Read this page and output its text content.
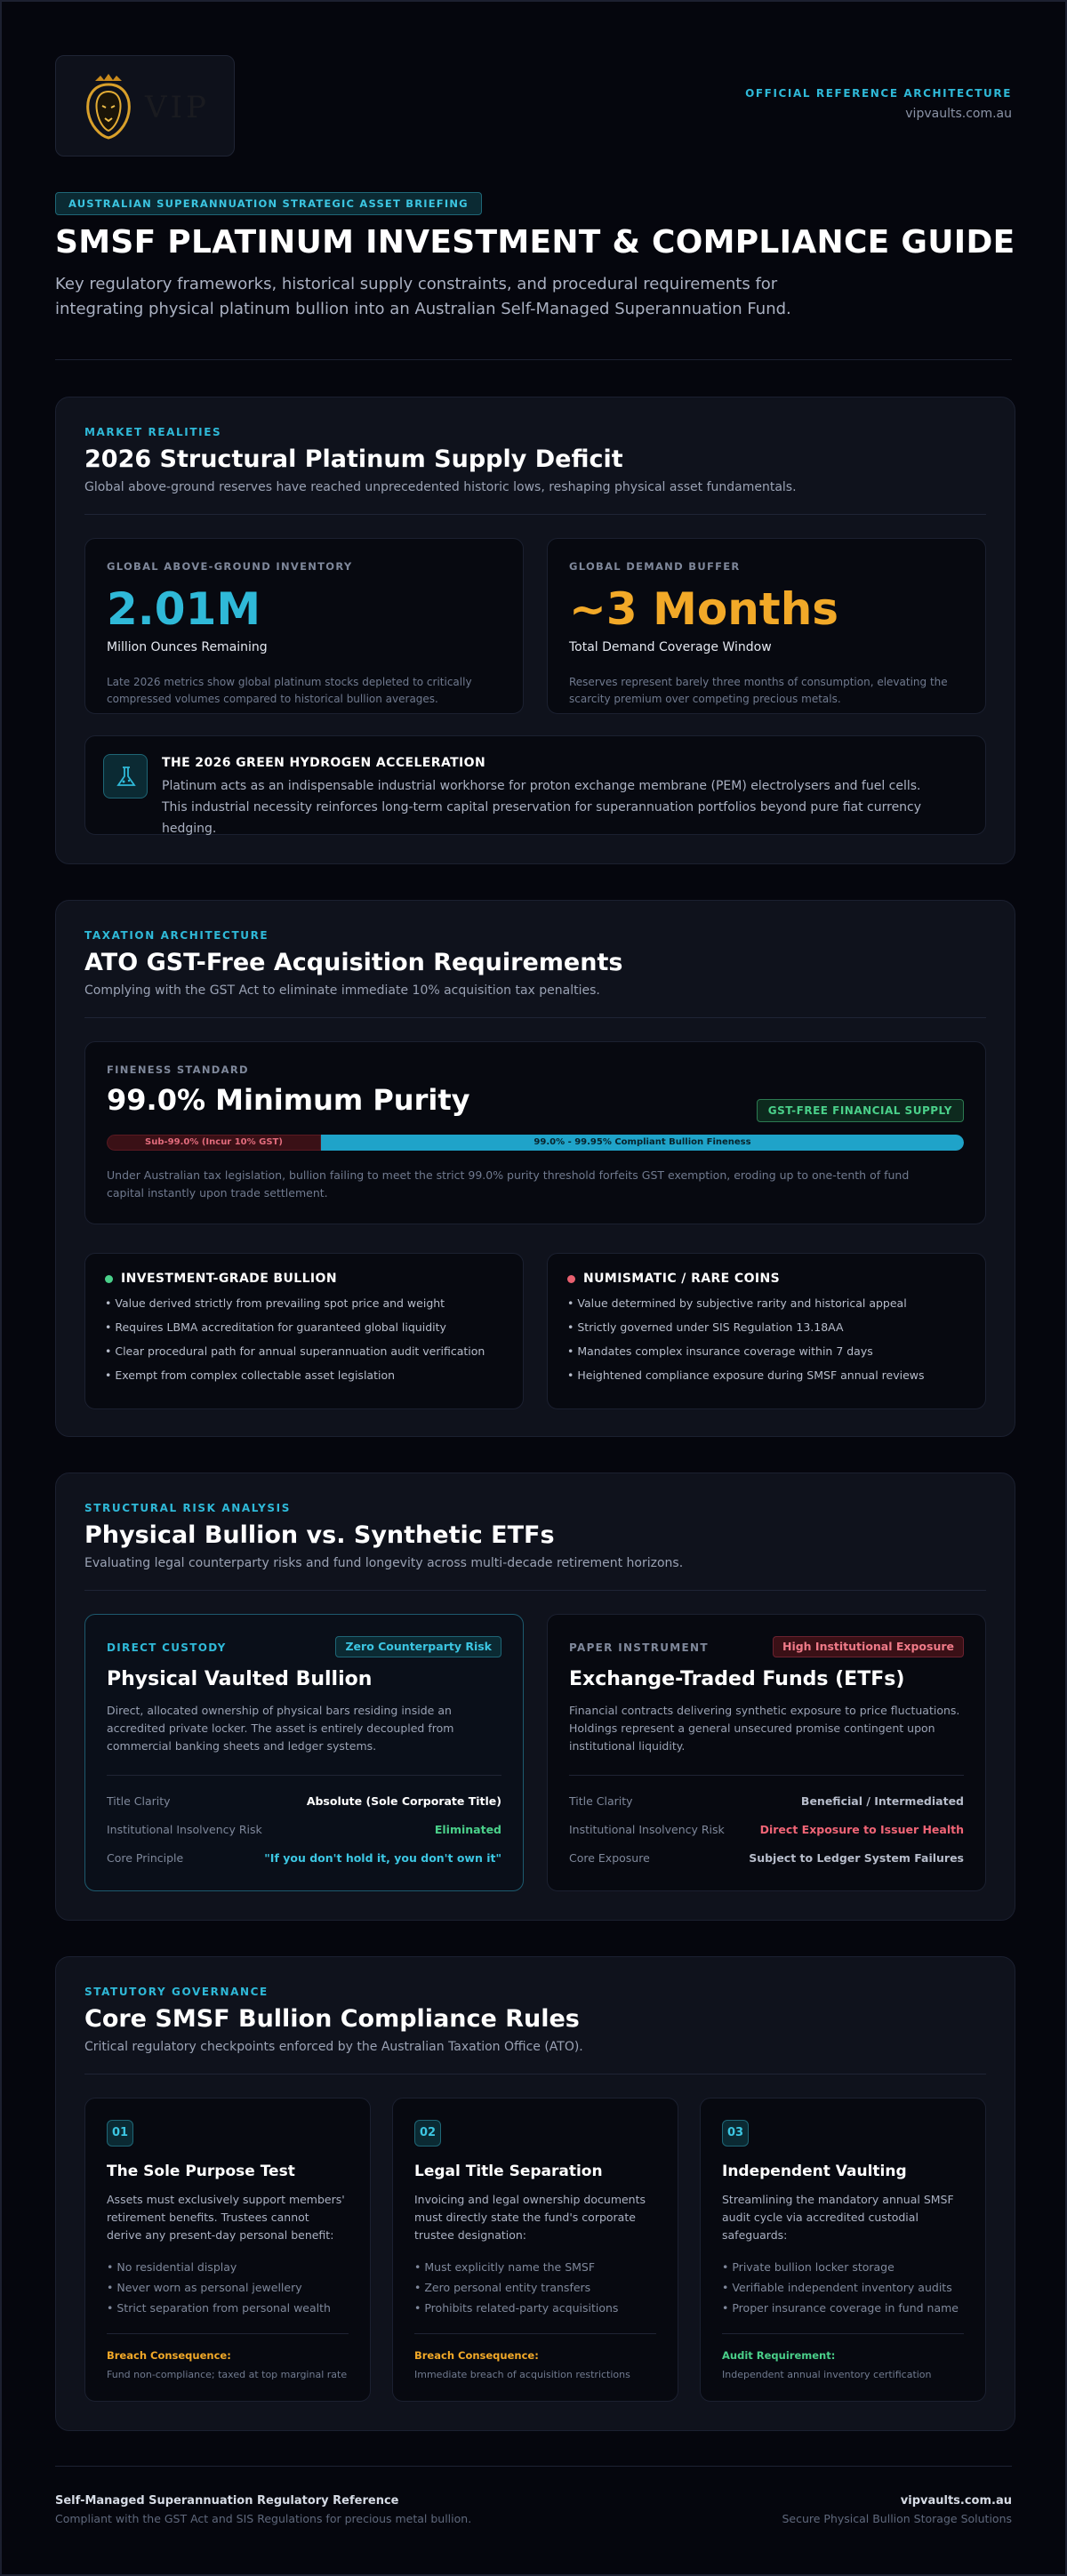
VIP	OFFICIAL REFERENCE ARCHITECTURE
vipvaults.com.au
AUSTRALIAN SUPERANNUATION STRATEGIC ASSET BRIEFING
SMSF PLATINUM INVESTMENT & COMPLIANCE GUIDE

Key regulatory frameworks, historical supply constraints, and procedural requirements for integrating physical platinum bullion into an Australian Self-Managed Superannuation Fund.

MARKET REALITIES
2026 Structural Platinum Supply Deficit

Global above-ground reserves have reached unprecedented historic lows, reshaping physical asset fundamentals.

GLOBAL ABOVE-GROUND INVENTORY
2.01M
Million Ounces Remaining
Late 2026 metrics show global platinum stocks depleted to critically compressed volumes compared to historical bullion averages.
GLOBAL DEMAND BUFFER
~3 Months
Total Demand Coverage Window
Reserves represent barely three months of consumption, elevating the scarcity premium over competing precious metals.
THE 2026 GREEN HYDROGEN ACCELERATION
Platinum acts as an indispensable industrial workhorse for proton exchange membrane (PEM) electrolysers and fuel cells. This industrial necessity reinforces long-term capital preservation for superannuation portfolios beyond pure fiat currency hedging.
TAXATION ARCHITECTURE
ATO GST-Free Acquisition Requirements

Complying with the GST Act to eliminate immediate 10% acquisition tax penalties.

FINENESS STANDARD
99.0% Minimum Purity	GST-FREE FINANCIAL SUPPLY
Sub-99.0% (Incur 10% GST)	99.0% - 99.95% Compliant Bullion Fineness
Under Australian tax legislation, bullion failing to meet the strict 99.0% purity threshold forfeits GST exemption, eroding up to one-tenth of fund capital instantly upon trade settlement.
INVESTMENT-GRADE BULLION
• Value derived strictly from prevailing spot price and weight
• Requires LBMA accreditation for guaranteed global liquidity
• Clear procedural path for annual superannuation audit verification
• Exempt from complex collectable asset legislation
NUMISMATIC / RARE COINS
• Value determined by subjective rarity and historical appeal
• Strictly governed under SIS Regulation 13.18AA
• Mandates complex insurance coverage within 7 days
• Heightened compliance exposure during SMSF annual reviews
STRUCTURAL RISK ANALYSIS
Physical Bullion vs. Synthetic ETFs

Evaluating legal counterparty risks and fund longevity across multi-decade retirement horizons.

DIRECT CUSTODY	Zero Counterparty Risk
Physical Vaulted Bullion
Direct, allocated ownership of physical bars residing inside an accredited private locker. The asset is entirely decoupled from commercial banking sheets and ledger systems.
Title Clarity	Absolute (Sole Corporate Title)
Institutional Insolvency Risk	Eliminated
Core Principle	"If you don't hold it, you don't own it"
PAPER INSTRUMENT	High Institutional Exposure
Exchange-Traded Funds (ETFs)
Financial contracts delivering synthetic exposure to price fluctuations. Holdings represent a general unsecured promise contingent upon institutional liquidity.
Title Clarity	Beneficial / Intermediated
Institutional Insolvency Risk	Direct Exposure to Issuer Health
Core Exposure	Subject to Ledger System Failures
STATUTORY GOVERNANCE
Core SMSF Bullion Compliance Rules

Critical regulatory checkpoints enforced by the Australian Taxation Office (ATO).

01
The Sole Purpose Test
Assets must exclusively support members' retirement benefits. Trustees cannot derive any present-day personal benefit:
• No residential display
• Never worn as personal jewellery
• Strict separation from personal wealth
Breach Consequence:
Fund non-compliance; taxed at top marginal rate
02
Legal Title Separation
Invoicing and legal ownership documents must directly state the fund's corporate trustee designation:
• Must explicitly name the SMSF
• Zero personal entity transfers
• Prohibits related-party acquisitions
Breach Consequence:
Immediate breach of acquisition restrictions
03
Independent Vaulting
Streamlining the mandatory annual SMSF audit cycle via accredited custodial safeguards:
• Private bullion locker storage
• Verifiable independent inventory audits
• Proper insurance coverage in fund name
Audit Requirement:
Independent annual inventory certification
Self-Managed Superannuation Regulatory Reference
Compliant with the GST Act and SIS Regulations for precious metal bullion.
vipvaults.com.au
Secure Physical Bullion Storage Solutions
